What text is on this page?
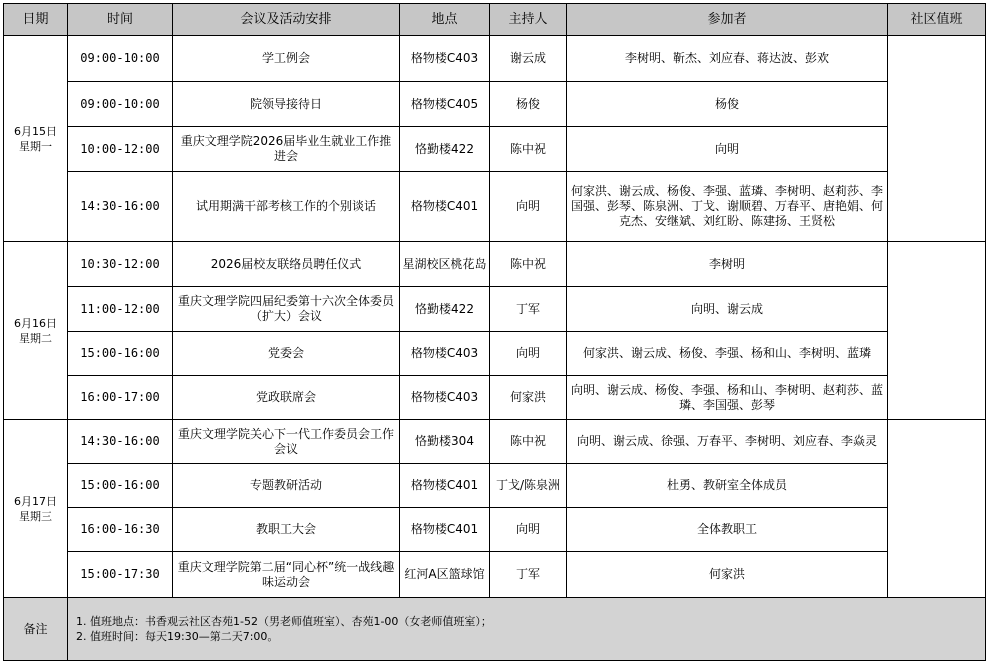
日期	时间	会议及活动安排	地点	主持人	参加者	社区值班

6月15日
星期一	09:00-10:00	学工例会	格物楼C403	谢云成	李树明、靳杰、刘应春、蒋达波、彭欢	
	09:00-10:00	院领导接待日	格物楼C405	杨俊	杨俊	
	10:00-12:00	重庆文理学院2026届毕业生就业工作推进会	恪勤楼422	陈中祝	向明	
	14:30-16:00	试用期满干部考核工作的个别谈话	格物楼C401	向明	何家洪、谢云成、杨俊、李强、蓝璘、李树明、赵莉莎、李国强、彭琴、陈泉洲、丁戈、谢顺碧、万春平、唐艳娟、何克杰、安继斌、刘红盼、陈建扬、王贤松	

6月16日
星期二	10:30-12:00	2026届校友联络员聘任仪式	星湖校区桃花岛	陈中祝	李树明	
	11:00-12:00	重庆文理学院四届纪委第十六次全体委员（扩大）会议	恪勤楼422	丁军	向明、谢云成	
	15:00-16:00	党委会	格物楼C403	向明	何家洪、谢云成、杨俊、李强、杨和山、李树明、蓝璘	
	16:00-17:00	党政联席会	格物楼C403	何家洪	向明、谢云成、杨俊、李强、杨和山、李树明、赵莉莎、蓝璘、李国强、彭琴	

6月17日
星期三	14:30-16:00	重庆文理学院关心下一代工作委员会工作会议	恪勤楼304	陈中祝	向明、谢云成、徐强、万春平、李树明、刘应春、李焱灵	
	15:00-16:00	专题教研活动	格物楼C401	丁戈/陈泉洲	杜勇、教研室全体成员	
	16:00-16:30	教职工大会	格物楼C401	向明	全体教职工	
	15:00-17:30	重庆文理学院第二届“同心杯”统一战线趣味运动会	红河A区篮球馆	丁军	何家洪	
备注	1. 值班地点：书香观云社区杏苑1-52（男老师值班室）、杏苑1-00（女老师值班室）；
2. 值班时间：每天19:30—第二天7:00。					
